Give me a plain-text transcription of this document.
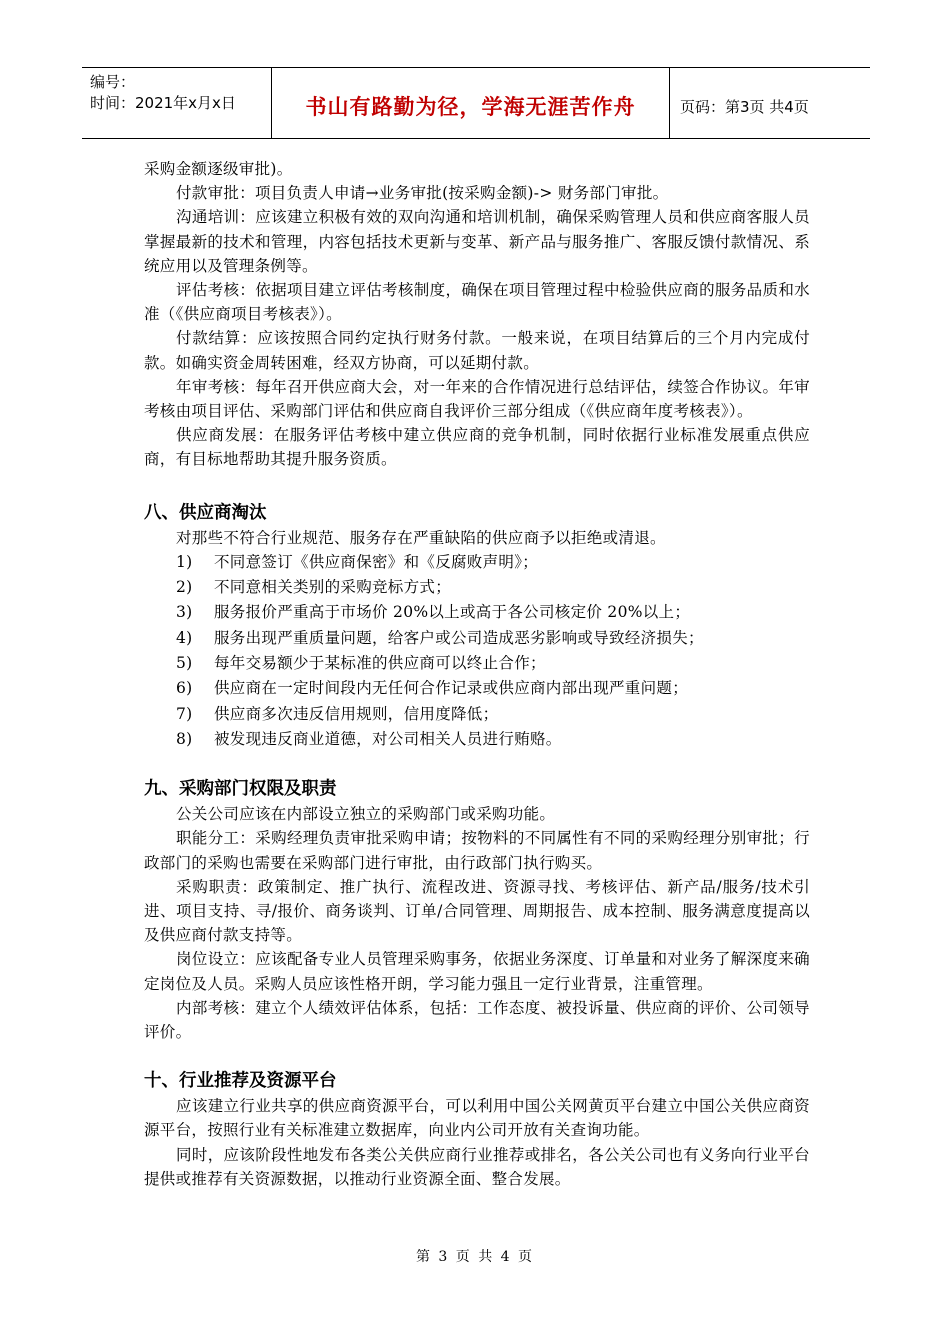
编号：
时间：2021年x月x日	书山有路勤为径，学海无涯苦作舟	页码：第3页 共4页

采购金额逐级审批)。

付款审批：项目负责人申请→业务审批(按采购金额)-> 财务部门审批。

沟通培训：应该建立积极有效的双向沟通和培训机制，确保采购管理人员和供应商客服人员掌握最新的技术和管理，内容包括技术更新与变革、新产品与服务推广、客服反馈付款情况、系统应用以及管理条例等。

评估考核：依据项目建立评估考核制度，确保在项目管理过程中检验供应商的服务品质和水准（《供应商项目考核表》）。

付款结算：应该按照合同约定执行财务付款。一般来说，在项目结算后的三个月内完成付款。如确实资金周转困难，经双方协商，可以延期付款。

年审考核：每年召开供应商大会，对一年来的合作情况进行总结评估，续签合作协议。年审考核由项目评估、采购部门评估和供应商自我评价三部分组成（《供应商年度考核表》）。

供应商发展：在服务评估考核中建立供应商的竞争机制，同时依据行业标准发展重点供应商，有目标地帮助其提升服务资质。

八、供应商淘汰

对那些不符合行业规范、服务存在严重缺陷的供应商予以拒绝或清退。

1)	不同意签订《供应商保密》和《反腐败声明》；
2)	不同意相关类别的采购竞标方式；
3)	服务报价严重高于市场价 20%以上或高于各公司核定价 20%以上；
4)	服务出现严重质量问题，给客户或公司造成恶劣影响或导致经济损失；
5)	每年交易额少于某标准的供应商可以终止合作；
6)	供应商在一定时间段内无任何合作记录或供应商内部出现严重问题；
7)	供应商多次违反信用规则，信用度降低；
8)	被发现违反商业道德，对公司相关人员进行贿赂。
九、采购部门权限及职责

公关公司应该在内部设立独立的采购部门或采购功能。

职能分工：采购经理负责审批采购申请；按物料的不同属性有不同的采购经理分别审批；行政部门的采购也需要在采购部门进行审批，由行政部门执行购买。

采购职责：政策制定、推广执行、流程改进、资源寻找、考核评估、新产品/服务/技术引进、项目支持、寻/报价、商务谈判、订单/合同管理、周期报告、成本控制、服务满意度提高以及供应商付款支持等。

岗位设立：应该配备专业人员管理采购事务，依据业务深度、订单量和对业务了解深度来确定岗位及人员。采购人员应该性格开朗，学习能力强且一定行业背景，注重管理。

内部考核：建立个人绩效评估体系，包括：工作态度、被投诉量、供应商的评价、公司领导评价。

十、行业推荐及资源平台

应该建立行业共享的供应商资源平台，可以利用中国公关网黄页平台建立中国公关供应商资源平台，按照行业有关标准建立数据库，向业内公司开放有关查询功能。

同时，应该阶段性地发布各类公关供应商行业推荐或排名，各公关公司也有义务向行业平台提供或推荐有关资源数据，以推动行业资源全面、整合发展。

第 3 页 共 4 页
